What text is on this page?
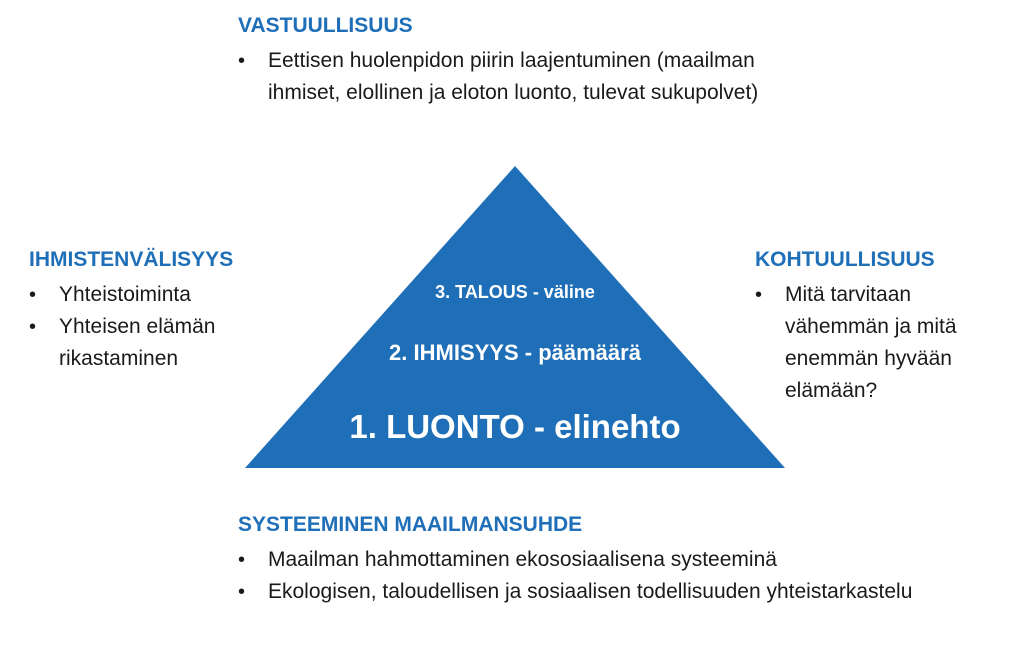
VASTUULLISUUS
• Eettisen huolenpidon piirin laajentuminen (maailman ihmiset, elollinen ja eloton luonto, tulevat sukupolvet)
IHMISTENVÄLISYYS
• Yhteistoiminta
• Yhteisen elämän rikastaminen
KOHTUULLISUUS
• Mitä tarvitaan vähemmän ja mitä enemmän hyvään elämään?
SYSTEEMINEN MAAILMANSUHDE
• Maailman hahmottaminen ekososiaalisena systeeminä
• Ekologisen, taloudellisen ja sosiaalisen todellisuuden yhteistarkastelu
3. TALOUS - väline
2. IHMISYYS - päämäärä
1. LUONTO - elinehto
